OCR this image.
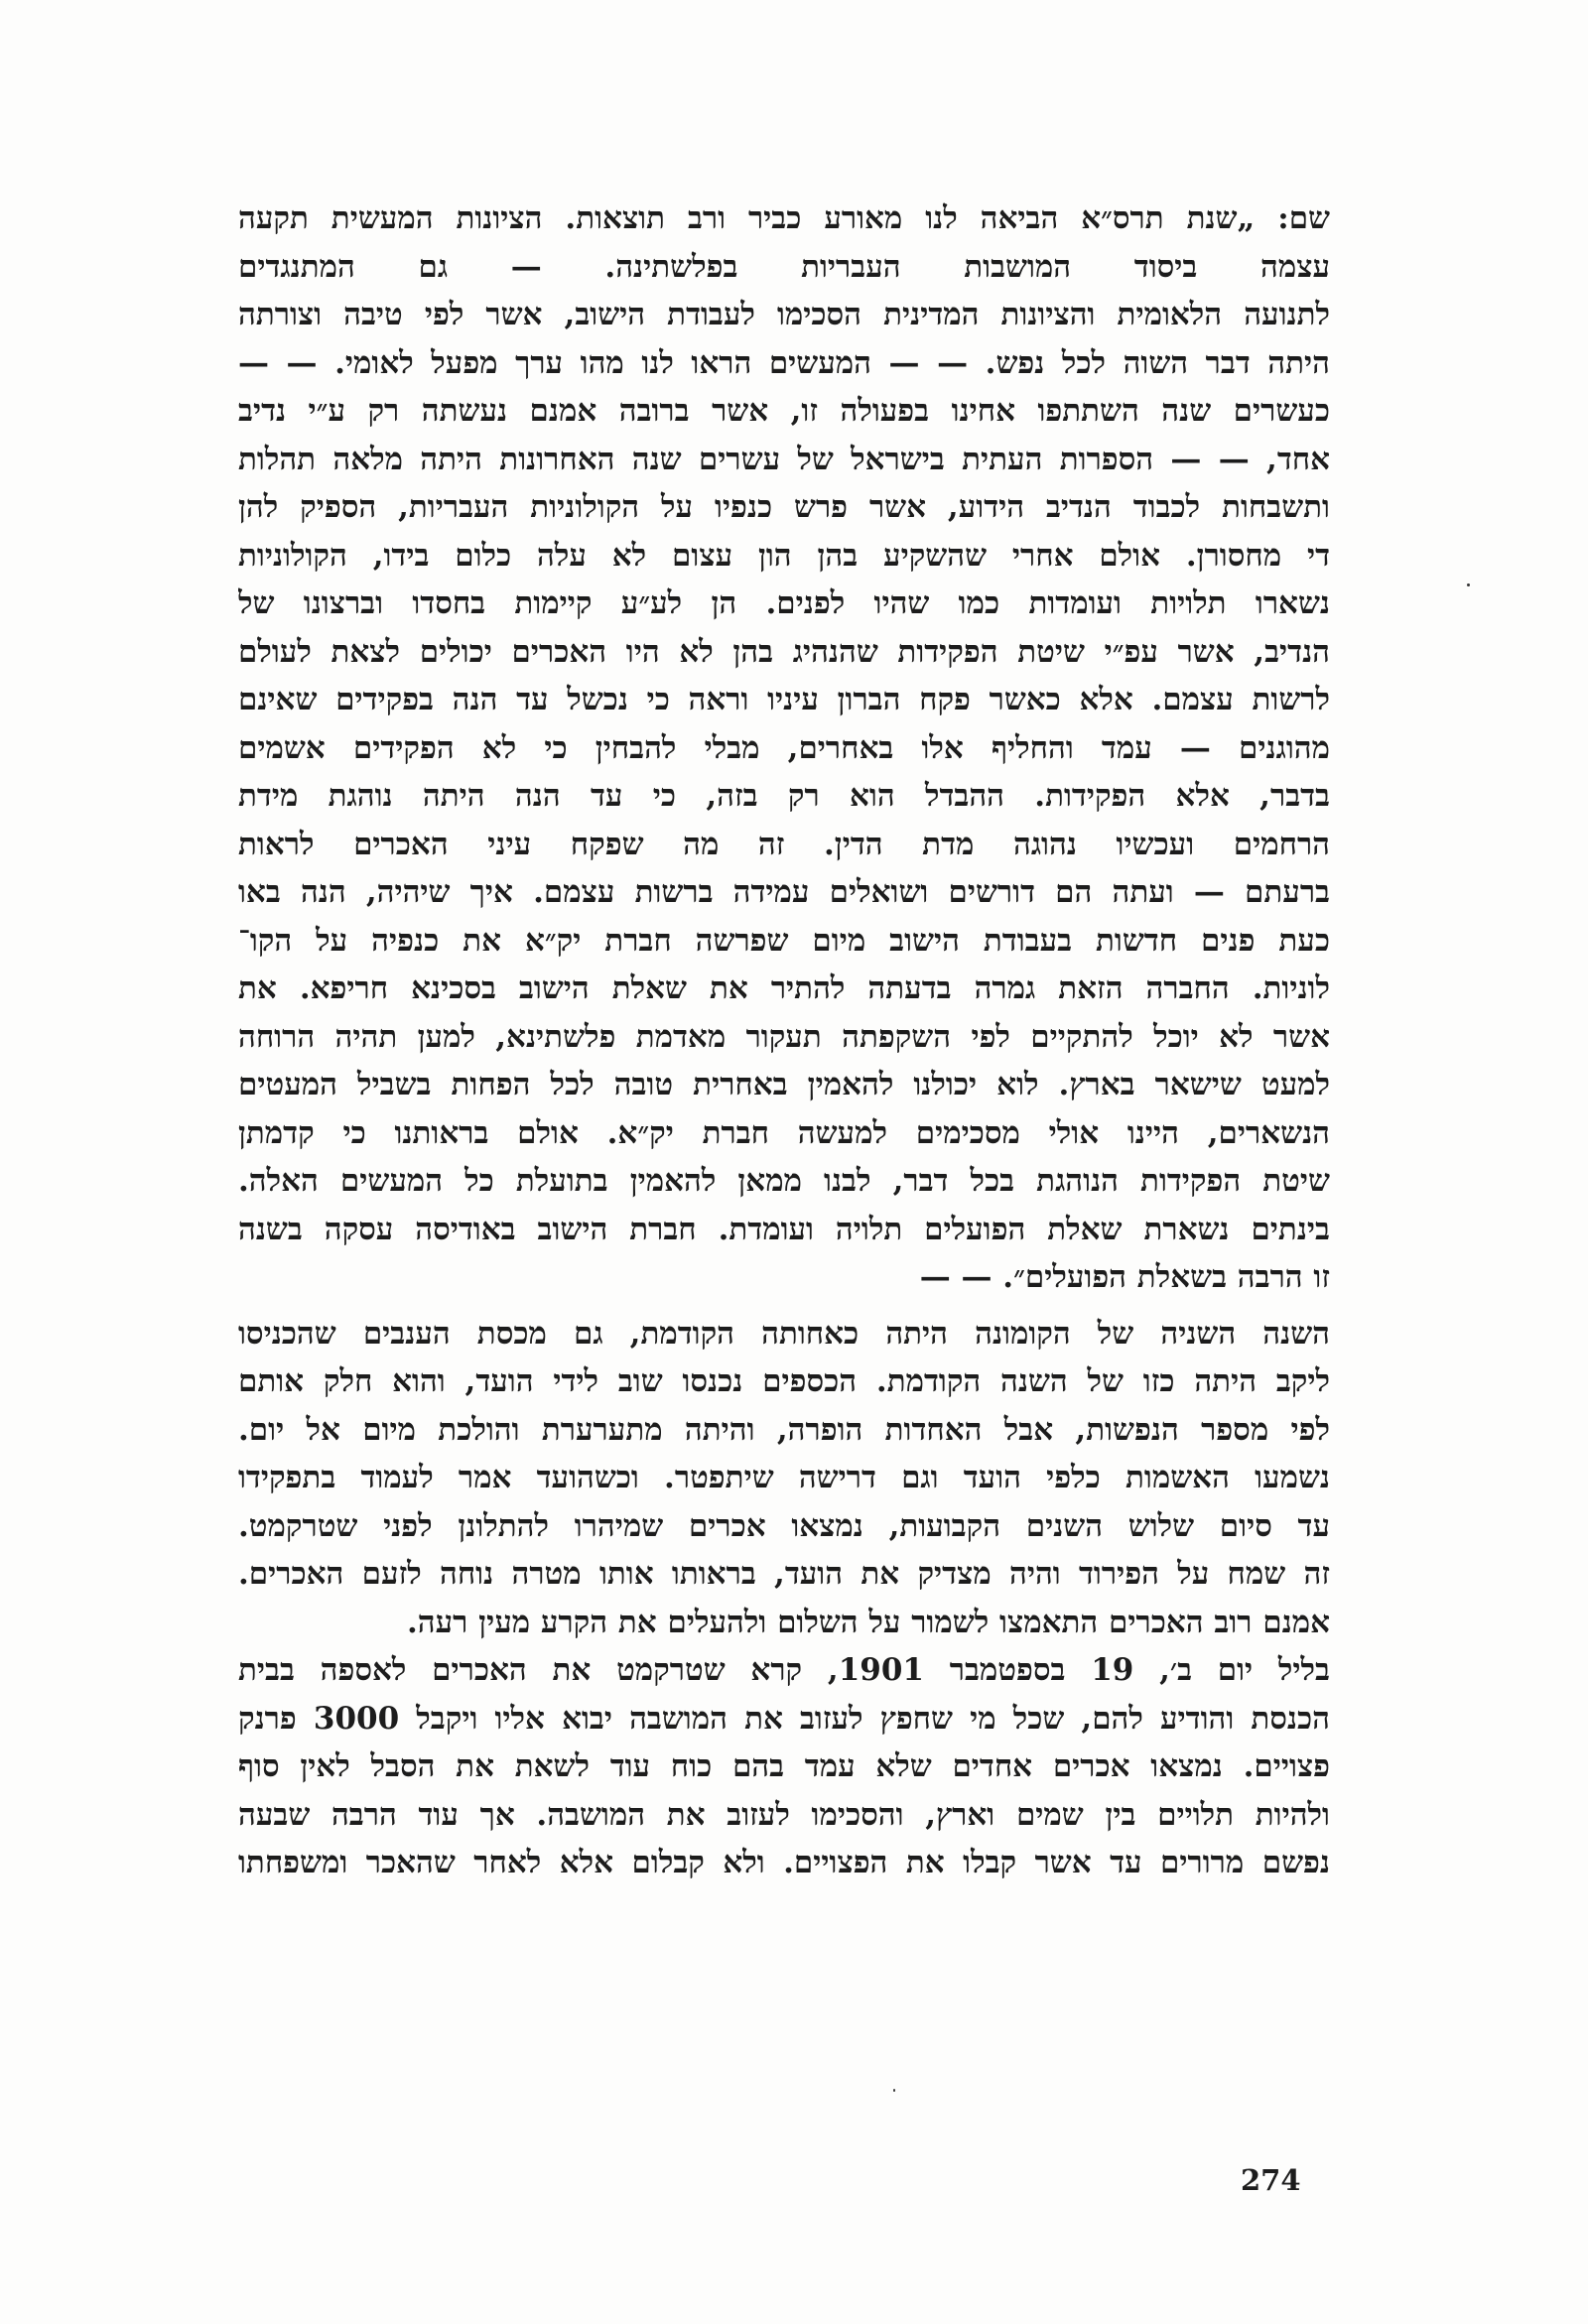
שם: „שנת תרס״א הביאה לנו מאורע כביר ורב תוצאות. הציונות המעשית תקעה
עצמה ביסוד המושבות העבריות בפלשתינה. — גם המתנגדים
לתנועה הלאומית והציונות המדינית הסכימו לעבודת הישוב, אשר לפי טיבה וצורתה
היתה דבר השוה לכל נפש. — — המעשים הראו לנו מהו ערך מפעל לאומי. — —
כעשרים שנה השתתפו אחינו בפעולה זו, אשר ברובה אמנם נעשתה רק ע״י נדיב
אחד, — — הספרות העתית בישראל של עשרים שנה האחרונות היתה מלאה תהלות
ותשבחות לכבוד הנדיב הידוע, אשר פרש כנפיו על הקולוניות העבריות, הספיק להן
די מחסורן. אולם אחרי שהשקיע בהן הון עצום לא עלה כלום בידו, הקולוניות
נשארו תלויות ועומדות כמו שהיו לפנים. הן לע״ע קיימות בחסדו וברצונו של
הנדיב, אשר עפ״י שיטת הפקידות שהנהיג בהן לא היו האכרים יכולים לצאת לעולם
לרשות עצמם. אלא כאשר פקח הברון עיניו וראה כי נכשל עד הנה בפקידים שאינם
מהוגנים — עמד והחליף אלו באחרים, מבלי להבחין כי לא הפקידים אשמים
בדבר, אלא הפקידות. ההבדל הוא רק בזה, כי עד הנה היתה נוהגת מידת
הרחמים ועכשיו נהוגה מדת הדין. זה מה שפקח עיני האכרים לראות
ברעתם — ועתה הם דורשים ושואלים עמידה ברשות עצמם. איך שיהיה, הנה באו
כעת פנים חדשות בעבודת הישוב מיום שפרשה חברת יק״א את כנפיה על הקו־
לוניות. החברה הזאת גמרה בדעתה להתיר את שאלת הישוב בסכינא חריפא. את
אשר לא יוכל להתקיים לפי השקפתה תעקור מאדמת פלשתינא, למען תהיה הרוחה
למעט שישאר בארץ. לוא יכולנו להאמין באחרית טובה לכל הפחות בשביל המעטים
הנשארים, היינו אולי מסכימים למעשה חברת יק״א. אולם בראותנו כי קדמתן
שיטת הפקידות הנוהגת בכל דבר, לבנו ממאן להאמין בתועלת כל המעשים האלה.
בינתים נשארת שאלת הפועלים תלויה ועומדת. חברת הישוב באודיסה עסקה בשנה
זו הרבה בשאלת הפועלים״. — —
השנה השניה של הקומונה היתה כאחותה הקודמת, גם מכסת הענבים שהכניסו
ליקב היתה כזו של השנה הקודמת. הכספים נכנסו שוב לידי הועד, והוא חלק אותם
לפי מספר הנפשות, אבל האחדות הופרה, והיתה מתערערת והולכת מיום אל יום.
נשמעו האשמות כלפי הועד וגם דרישה שיתפטר. וכשהועד אמר לעמוד בתפקידו
עד סיום שלוש השנים הקבועות, נמצאו אכרים שמיהרו להתלונן לפני שטרקמט.
זה שמח על הפירוד והיה מצדיק את הועד, בראותו אותו מטרה נוחה לזעם האכרים.
אמנם רוב האכרים התאמצו לשמור על השלום ולהעלים את הקרע מעין רעה.
בליל יום ב׳, 19 בספטמבר 1901, קרא שטרקמט את האכרים לאספה בבית
הכנסת והודיע להם, שכל מי שחפץ לעזוב את המושבה יבוא אליו ויקבל 3000 פרנק
פצויים. נמצאו אכרים אחדים שלא עמד בהם כוח עוד לשאת את הסבל לאין סוף
ולהיות תלויים בין שמים וארץ, והסכימו לעזוב את המושבה. אך עוד הרבה שבעה
נפשם מרורים עד אשר קבלו את הפצויים. ולא קבלום אלא לאחר שהאכר ומשפחתו
274
